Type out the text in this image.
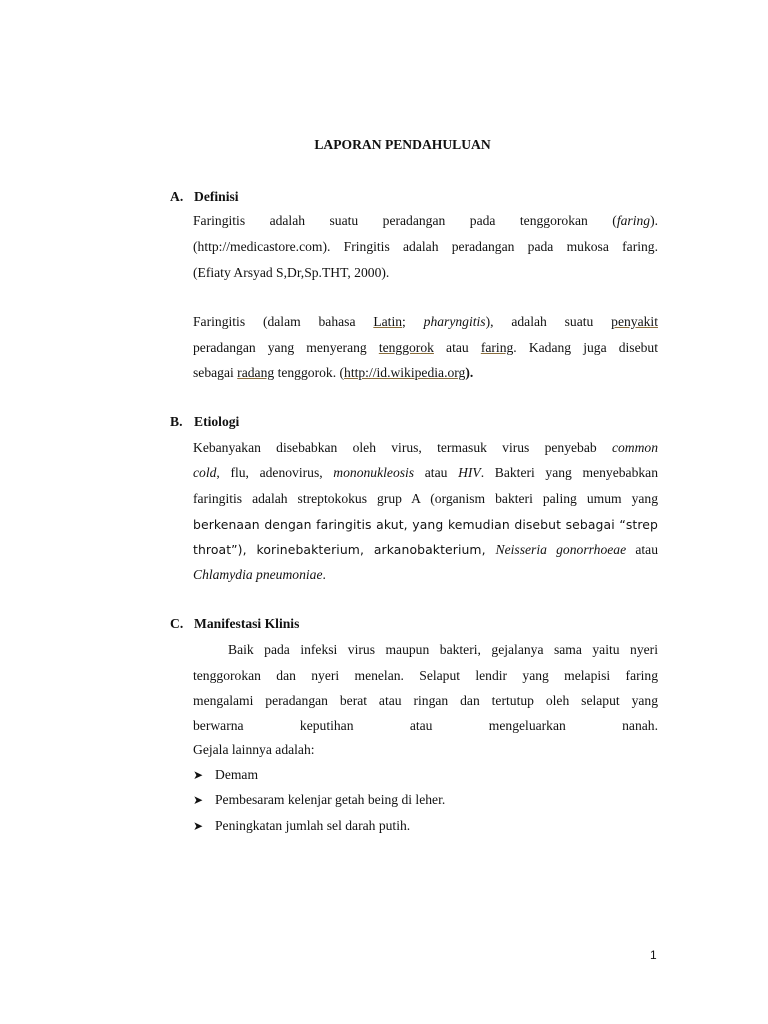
LAPORAN PENDAHULUAN
A. Definisi
Faringitis adalah suatu peradangan pada tenggorokan (faring).
(http://medicastore.com). Fringitis adalah peradangan pada mukosa faring.
(Efiaty Arsyad S,Dr,Sp.THT, 2000).
Faringitis (dalam bahasa Latin; pharyngitis), adalah suatu penyakit
peradangan yang menyerang tenggorok atau faring. Kadang juga disebut
sebagai radang tenggorok. (http://id.wikipedia.org).
B. Etiologi
Kebanyakan disebabkan oleh virus, termasuk virus penyebab common
cold, flu, adenovirus, mononukleosis atau HIV. Bakteri yang menyebabkan
faringitis adalah streptokokus grup A (organism bakteri paling umum yang
berkenaan dengan faringitis akut, yang kemudian disebut sebagai “strep
throat”), korinebakterium, arkanobakterium, Neisseria gonorrhoeae atau
Chlamydia pneumoniae.
C. Manifestasi Klinis
Baik pada infeksi virus maupun bakteri, gejalanya sama yaitu nyeri
tenggorokan dan nyeri menelan. Selaput lendir yang melapisi faring
mengalami peradangan berat atau ringan dan tertutup oleh selaput yang
berwarna keputihan atau mengeluarkan nanah.
Gejala lainnya adalah:
➤ Demam
➤ Pembesaram kelenjar getah being di leher.
➤ Peningkatan jumlah sel darah putih.
1
